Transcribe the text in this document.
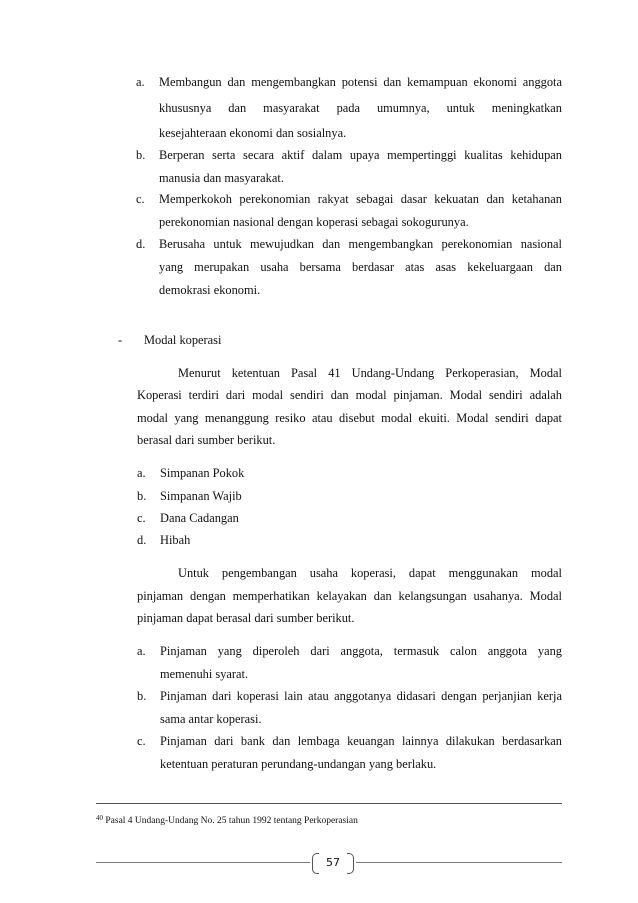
a. Membangun dan mengembangkan potensi dan kemampuan ekonomi anggota
khususnya dan masyarakat pada umumnya, untuk meningkatkan
kesejahteraan ekonomi dan sosialnya.
b. Berperan serta secara aktif dalam upaya mempertinggi kualitas kehidupan
manusia dan masyarakat.
c. Memperkokoh perekonomian rakyat sebagai dasar kekuatan dan ketahanan
perekonomian nasional dengan koperasi sebagai sokogurunya.
d. Berusaha untuk mewujudkan dan mengembangkan perekonomian nasional
yang merupakan usaha bersama berdasar atas asas kekeluargaan dan
demokrasi ekonomi.
- Modal koperasi
Menurut ketentuan Pasal 41 Undang-Undang Perkoperasian, Modal
Koperasi terdiri dari modal sendiri dan modal pinjaman. Modal sendiri adalah
modal yang menanggung resiko atau disebut modal ekuiti. Modal sendiri dapat
berasal dari sumber berikut.
a. Simpanan Pokok
b. Simpanan Wajib
c. Dana Cadangan
d. Hibah
Untuk pengembangan usaha koperasi, dapat menggunakan modal
pinjaman dengan memperhatikan kelayakan dan kelangsungan usahanya. Modal
pinjaman dapat berasal dari sumber berikut.
a. Pinjaman yang diperoleh dari anggota, termasuk calon anggota yang
memenuhi syarat.
b. Pinjaman dari koperasi lain atau anggotanya didasari dengan perjanjian kerja
sama antar koperasi.
c. Pinjaman dari bank dan lembaga keuangan lainnya dilakukan berdasarkan
ketentuan peraturan perundang-undangan yang berlaku.
$^{40}$ Pasal 4 Undang-Undang No. 25 tahun 1992 tentang Perkoperasian
57
